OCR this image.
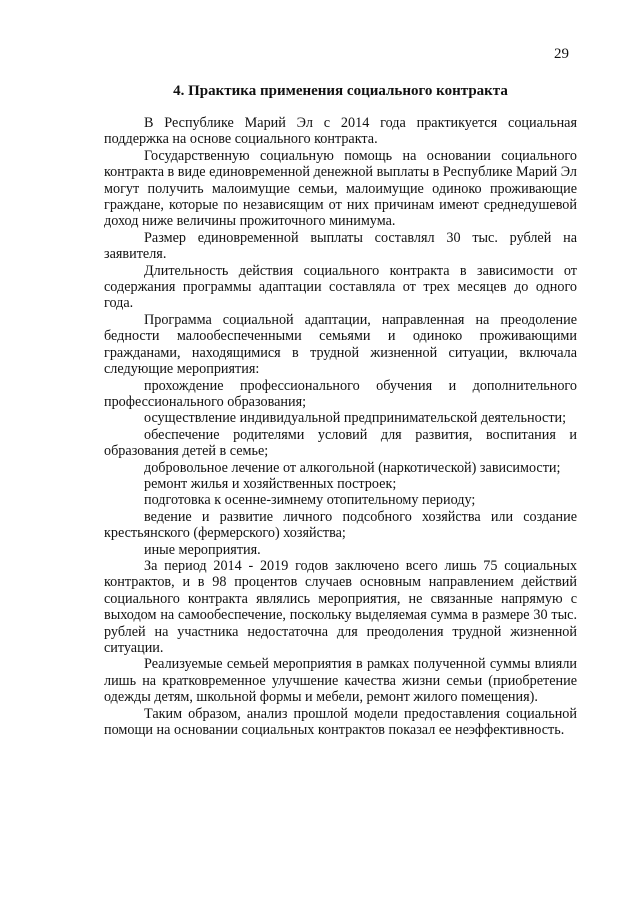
29
4. Практика применения социального контракта

В Республике Марий Эл с 2014 года практикуется социальная поддержка на основе социального контракта.

Государственную социальную помощь на основании социального контракта в виде единовременной денежной выплаты в Республике Марий Эл могут получить малоимущие семьи, малоимущие одиноко проживающие граждане, которые по независящим от них причинам имеют среднедушевой доход ниже величины прожиточного минимума.

Размер единовременной выплаты составлял 30 тыс. рублей на заявителя.

Длительность действия социального контракта в зависимости от содержания программы адаптации составляла от трех месяцев до одного года.

Программа социальной адаптации, направленная на преодоление бедности малообеспеченными семьями и одиноко проживающими гражданами, находящимися в трудной жизненной ситуации, включала следующие мероприятия:

прохождение профессионального обучения и дополнительного профессионального образования;

осуществление индивидуальной предпринимательской деятельности;

обеспечение родителями условий для развития, воспитания и образования детей в семье;

добровольное лечение от алкогольной (наркотической) зависимости;

ремонт жилья и хозяйственных построек;

подготовка к осенне-зимнему отопительному периоду;

ведение и развитие личного подсобного хозяйства или создание крестьянского (фермерского) хозяйства;

иные мероприятия.

За период 2014 - 2019 годов заключено всего лишь 75 социальных контрактов, и в 98 процентов случаев основным направлением действий социального контракта являлись мероприятия, не связанные напрямую с выходом на самообеспечение, поскольку выделяемая сумма в размере 30 тыс. рублей на участника недостаточна для преодоления трудной жизненной ситуации.

Реализуемые семьей мероприятия в рамках полученной суммы влияли лишь на кратковременное улучшение качества жизни семьи (приобретение одежды детям, школьной формы и мебели, ремонт жилого помещения).

Таким образом, анализ прошлой модели предоставления социальной помощи на основании социальных контрактов показал ее неэффективность.
